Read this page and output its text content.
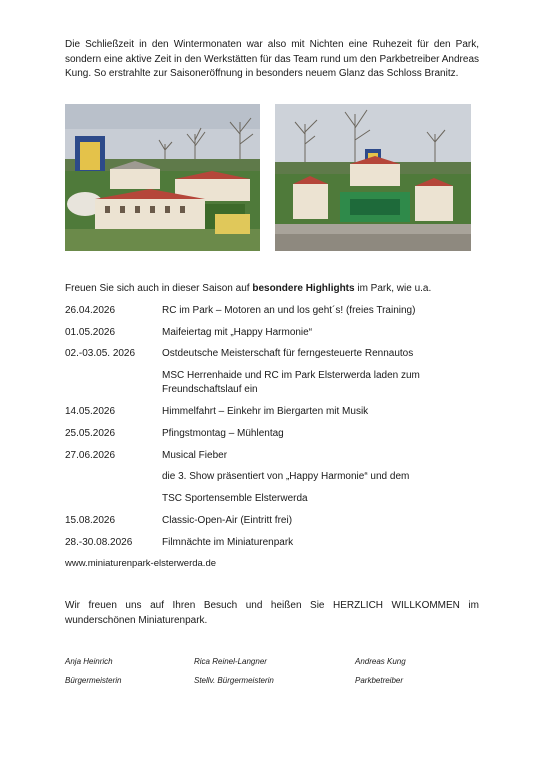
Die Schließzeit in den Wintermonaten war also mit Nichten eine Ruhezeit für den Park, sondern eine aktive Zeit in den Werkstätten für das Team rund um den Parkbetreiber Andreas Kung. So erstrahlte zur Saisoneröffnung in besonders neuem Glanz das Schloss Branitz.

Freuen Sie sich auch in dieser Saison auf besondere Highlights im Park, wie u.a.

26.04.2026	RC im Park – Motoren an und los geht´s! (freies Training)
01.05.2026	Maifeiertag mit „Happy Harmonie“
02.-03.05. 2026	Ostdeutsche Meisterschaft für ferngesteuerte Rennautos
MSC Herrenhaide und RC im Park Elsterwerda laden zum Freundschaftslauf ein
14.05.2026	Himmelfahrt – Einkehr im Biergarten mit Musik
25.05.2026	Pfingstmontag – Mühlentag
27.06.2026	Musical Fieber
die 3. Show präsentiert von „Happy Harmonie“ und dem
TSC Sportensemble Elsterwerda
15.08.2026	Classic-Open-Air (Eintritt frei)
28.-30.08.2026	Filmnächte im Miniaturenpark
www.miniaturenpark-elsterwerda.de

Wir freuen uns auf Ihren Besuch und heißen Sie HERZLICH WILLKOMMEN im wunderschönen Miniaturenpark.

Anja Heinrich
Bürgermeisterin
Rica Reinel-Langner
Stellv. Bürgermeisterin
Andreas Kung
Parkbetreiber
